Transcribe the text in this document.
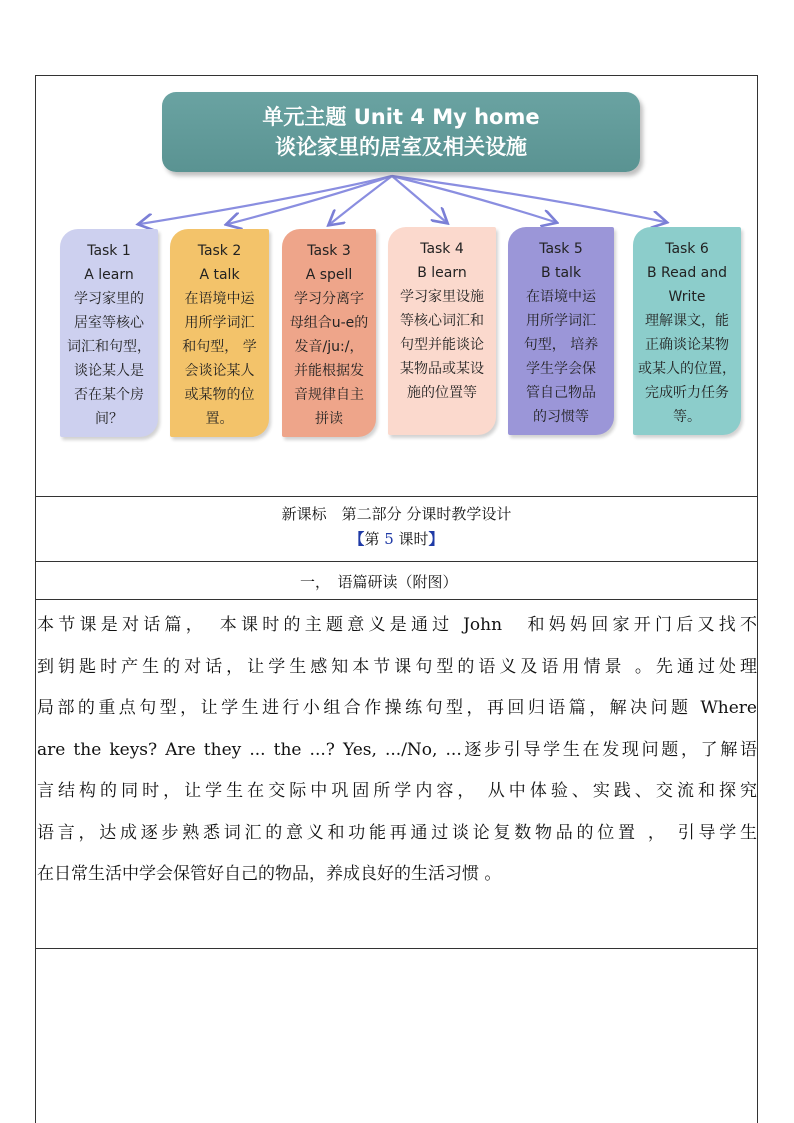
单元主题 Unit 4 My home
谈论家里的居室及相关设施
Task 1
A learn
学习家里的
居室等核心
词汇和句型，
谈论某人是
否在某个房
间？
Task 2
A talk
在语境中运
用所学词汇
和句型， 学
会谈论某人
或某物的位
置。
Task 3
A spell
学习分离字
母组合u-e的
发音/ju:/，
并能根据发
音规律自主
拼读
Task 4
B learn
学习家里设施
等核心词汇和
句型并能谈论
某物品或某设
施的位置等
Task 5
B talk
在语境中运
用所学词汇
句型， 培养
学生学会保
管自己物品
的习惯等
Task 6
B Read and
Write
理解课文，能
正确谈论某物
或某人的位置，
完成听力任务
等。
新课标　第二部分 分课时教学设计
【第 5 课时】
一，　语篇研读（附图）
本节课是对话篇，　本课时的主题意义是通过 John　和妈妈回家开门后又找不
到钥匙时产生的对话，让学生感知本节课句型的语义及语用情景 。先通过处理
局部的重点句型，让学生进行小组合作操练句型，再回归语篇，解决问题 Where
are the keys? Are they ... the ...? Yes, .../No, ...逐步引导学生在发现问题，了解语
言结构的同时，让学生在交际中巩固所学内容， 从中体验、实践、交流和探究
语言，达成逐步熟悉词汇的意义和功能再通过谈论复数物品的位置 ， 引导学生
在日常生活中学会保管好自己的物品，养成良好的生活习惯 。
